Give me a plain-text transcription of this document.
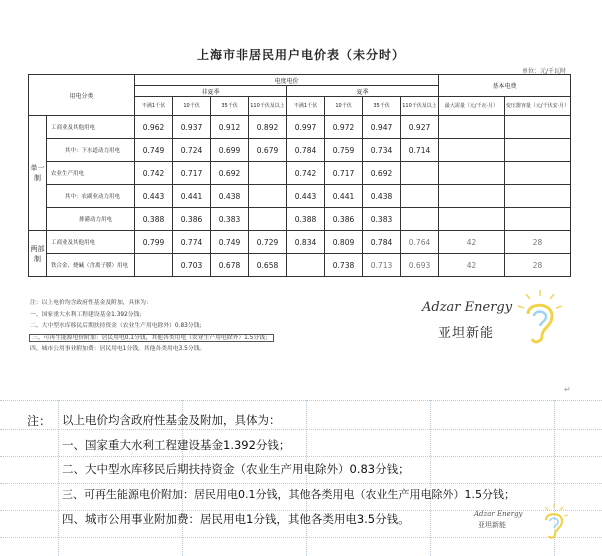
上海市非居民用户电价表（未分时）
单位：元/千瓦时
用电分类		电度电价								基本电费	
		非夏季				夏季					
		不满1千伏	10千伏	35千伏	110千伏及以上	不满1千伏	10千伏	35千伏	110千伏及以上	最大需量（元/千瓦·月）	变压器容量（元/千伏安·月）
单一制	工商业及其他用电	0.962	0.937	0.912	0.892	0.997	0.972	0.947	0.927		
	其中：下水道动力用电	0.749	0.724	0.699	0.679	0.784	0.759	0.734	0.714		
	农业生产用电	0.742	0.717	0.692		0.742	0.717	0.692			
	其中：农副业动力用电	0.443	0.441	0.438		0.443	0.441	0.438			
	排灌动力用电	0.388	0.386	0.383		0.388	0.386	0.383			
两部制	工商业及其他用电	0.799	0.774	0.749	0.729	0.834	0.809	0.784	0.764	42	28
	铁合金、烧碱（含离子膜）用电		0.703	0.678	0.658		0.738	0.713	0.693	42	28
注：以上电价均含政府性基金及附加，具体为：
一、国家重大水利工程建设基金1.392分钱；
二、大中型水库移民后期扶持资金（农业生产用电除外）0.83分钱；
三、可再生能源电价附加：居民用电0.1分钱，其他各类用电（农业生产用电除外）1.5分钱；
四、城市公用事业附加费：居民用电1分钱，其他各类用电3.5分钱。
Adzar Energy
亚坦新能
↵
注： 以上电价均含政府性基金及附加，具体为：
一、国家重大水利工程建设基金1.392分钱；
二、大中型水库移民后期扶持资金（农业生产用电除外）0.83分钱；
三、可再生能源电价附加：居民用电0.1分钱，其他各类用电（农业生产用电除外）1.5分钱；
四、城市公用事业附加费：居民用电1分钱，其他各类用电3.5分钱。	Adzar Energy
亚坦新能
